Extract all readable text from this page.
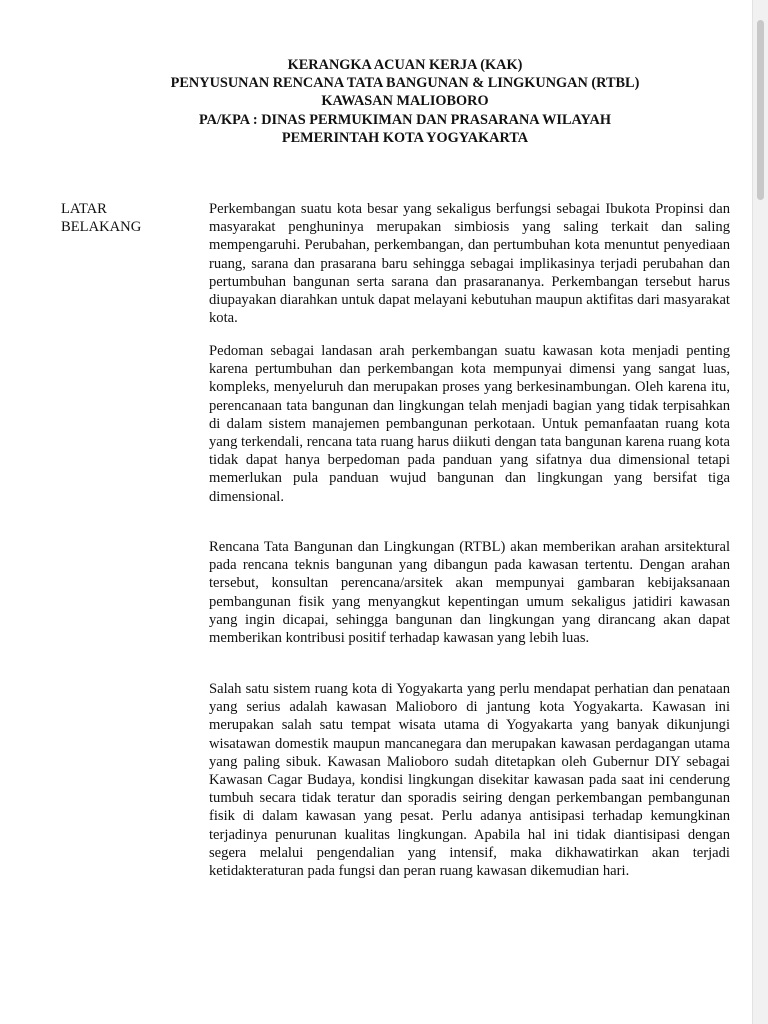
KERANGKA ACUAN KERJA (KAK)
PENYUSUNAN RENCANA TATA BANGUNAN & LINGKUNGAN (RTBL)
KAWASAN MALIOBORO
PA/KPA : DINAS PERMUKIMAN DAN PRASARANA WILAYAH
PEMERINTAH KOTA YOGYAKARTA
LATAR
BELAKANG

Perkembangan suatu kota besar yang sekaligus berfungsi sebagai Ibukota Propinsi dan masyarakat penghuninya merupakan simbiosis yang saling terkait dan saling mempengaruhi. Perubahan, perkembangan, dan pertumbuhan kota menuntut penyediaan ruang, sarana dan prasarana baru sehingga sebagai implikasinya terjadi perubahan dan pertumbuhan bangunan serta sarana dan prasarananya. Perkembangan tersebut harus diupayakan diarahkan untuk dapat melayani kebutuhan maupun aktifitas dari masyarakat kota.

Pedoman sebagai landasan arah perkembangan suatu kawasan kota menjadi penting karena pertumbuhan dan perkembangan kota mempunyai dimensi yang sangat luas, kompleks, menyeluruh dan merupakan proses yang berkesinambungan. Oleh karena itu, perencanaan tata bangunan dan lingkungan telah menjadi bagian yang tidak terpisahkan di dalam sistem manajemen pembangunan perkotaan. Untuk pemanfaatan ruang kota yang terkendali, rencana tata ruang harus diikuti dengan tata bangunan karena ruang kota tidak dapat hanya berpedoman pada panduan yang sifatnya dua dimensional tetapi memerlukan pula panduan wujud bangunan dan lingkungan yang bersifat tiga dimensional.

Rencana Tata Bangunan dan Lingkungan (RTBL) akan memberikan arahan arsitektural pada rencana teknis bangunan yang dibangun pada kawasan tertentu. Dengan arahan tersebut, konsultan perencana/arsitek akan mempunyai gambaran kebijaksanaan pembangunan fisik yang menyangkut kepentingan umum sekaligus jatidiri kawasan yang ingin dicapai, sehingga bangunan dan lingkungan yang dirancang akan dapat memberikan kontribusi positif terhadap kawasan yang lebih luas.

Salah satu sistem ruang kota di Yogyakarta yang perlu mendapat perhatian dan penataan yang serius adalah kawasan Malioboro di jantung kota Yogyakarta. Kawasan ini merupakan salah satu tempat wisata utama di Yogyakarta yang banyak dikunjungi wisatawan domestik maupun mancanegara dan merupakan kawasan perdagangan utama yang paling sibuk. Kawasan Malioboro sudah ditetapkan oleh Gubernur DIY sebagai Kawasan Cagar Budaya, kondisi lingkungan disekitar kawasan pada saat ini cenderung tumbuh secara tidak teratur dan sporadis seiring dengan perkembangan pembangunan fisik di dalam kawasan yang pesat. Perlu adanya antisipasi terhadap kemungkinan terjadinya penurunan kualitas lingkungan. Apabila hal ini tidak diantisipasi dengan segera melalui pengendalian yang intensif, maka dikhawatirkan akan terjadi ketidakteraturan pada fungsi dan peran ruang kawasan dikemudian hari.
